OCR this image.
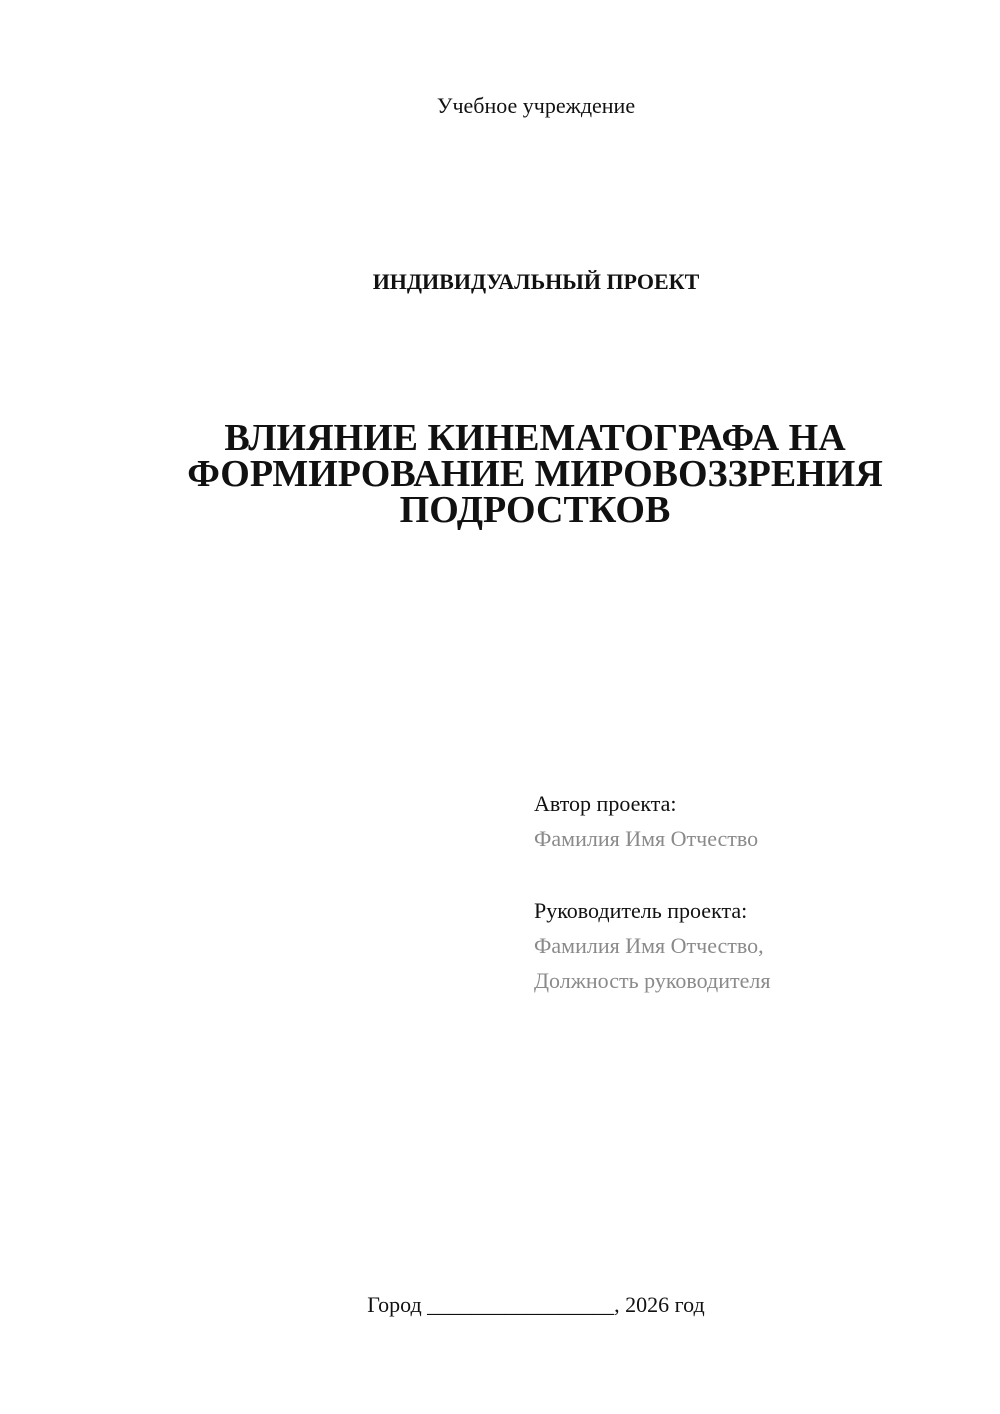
Учебное учреждение
ИНДИВИДУАЛЬНЫЙ ПРОЕКТ
ВЛИЯНИЕ КИНЕМАТОГРАФА НА
ФОРМИРОВАНИЕ МИРОВОЗЗРЕНИЯ
ПОДРОСТКОВ
Автор проекта:
Фамилия Имя Отчество
Руководитель проекта:
Фамилия Имя Отчество,
Должность руководителя
Город _________________, 2026 год
